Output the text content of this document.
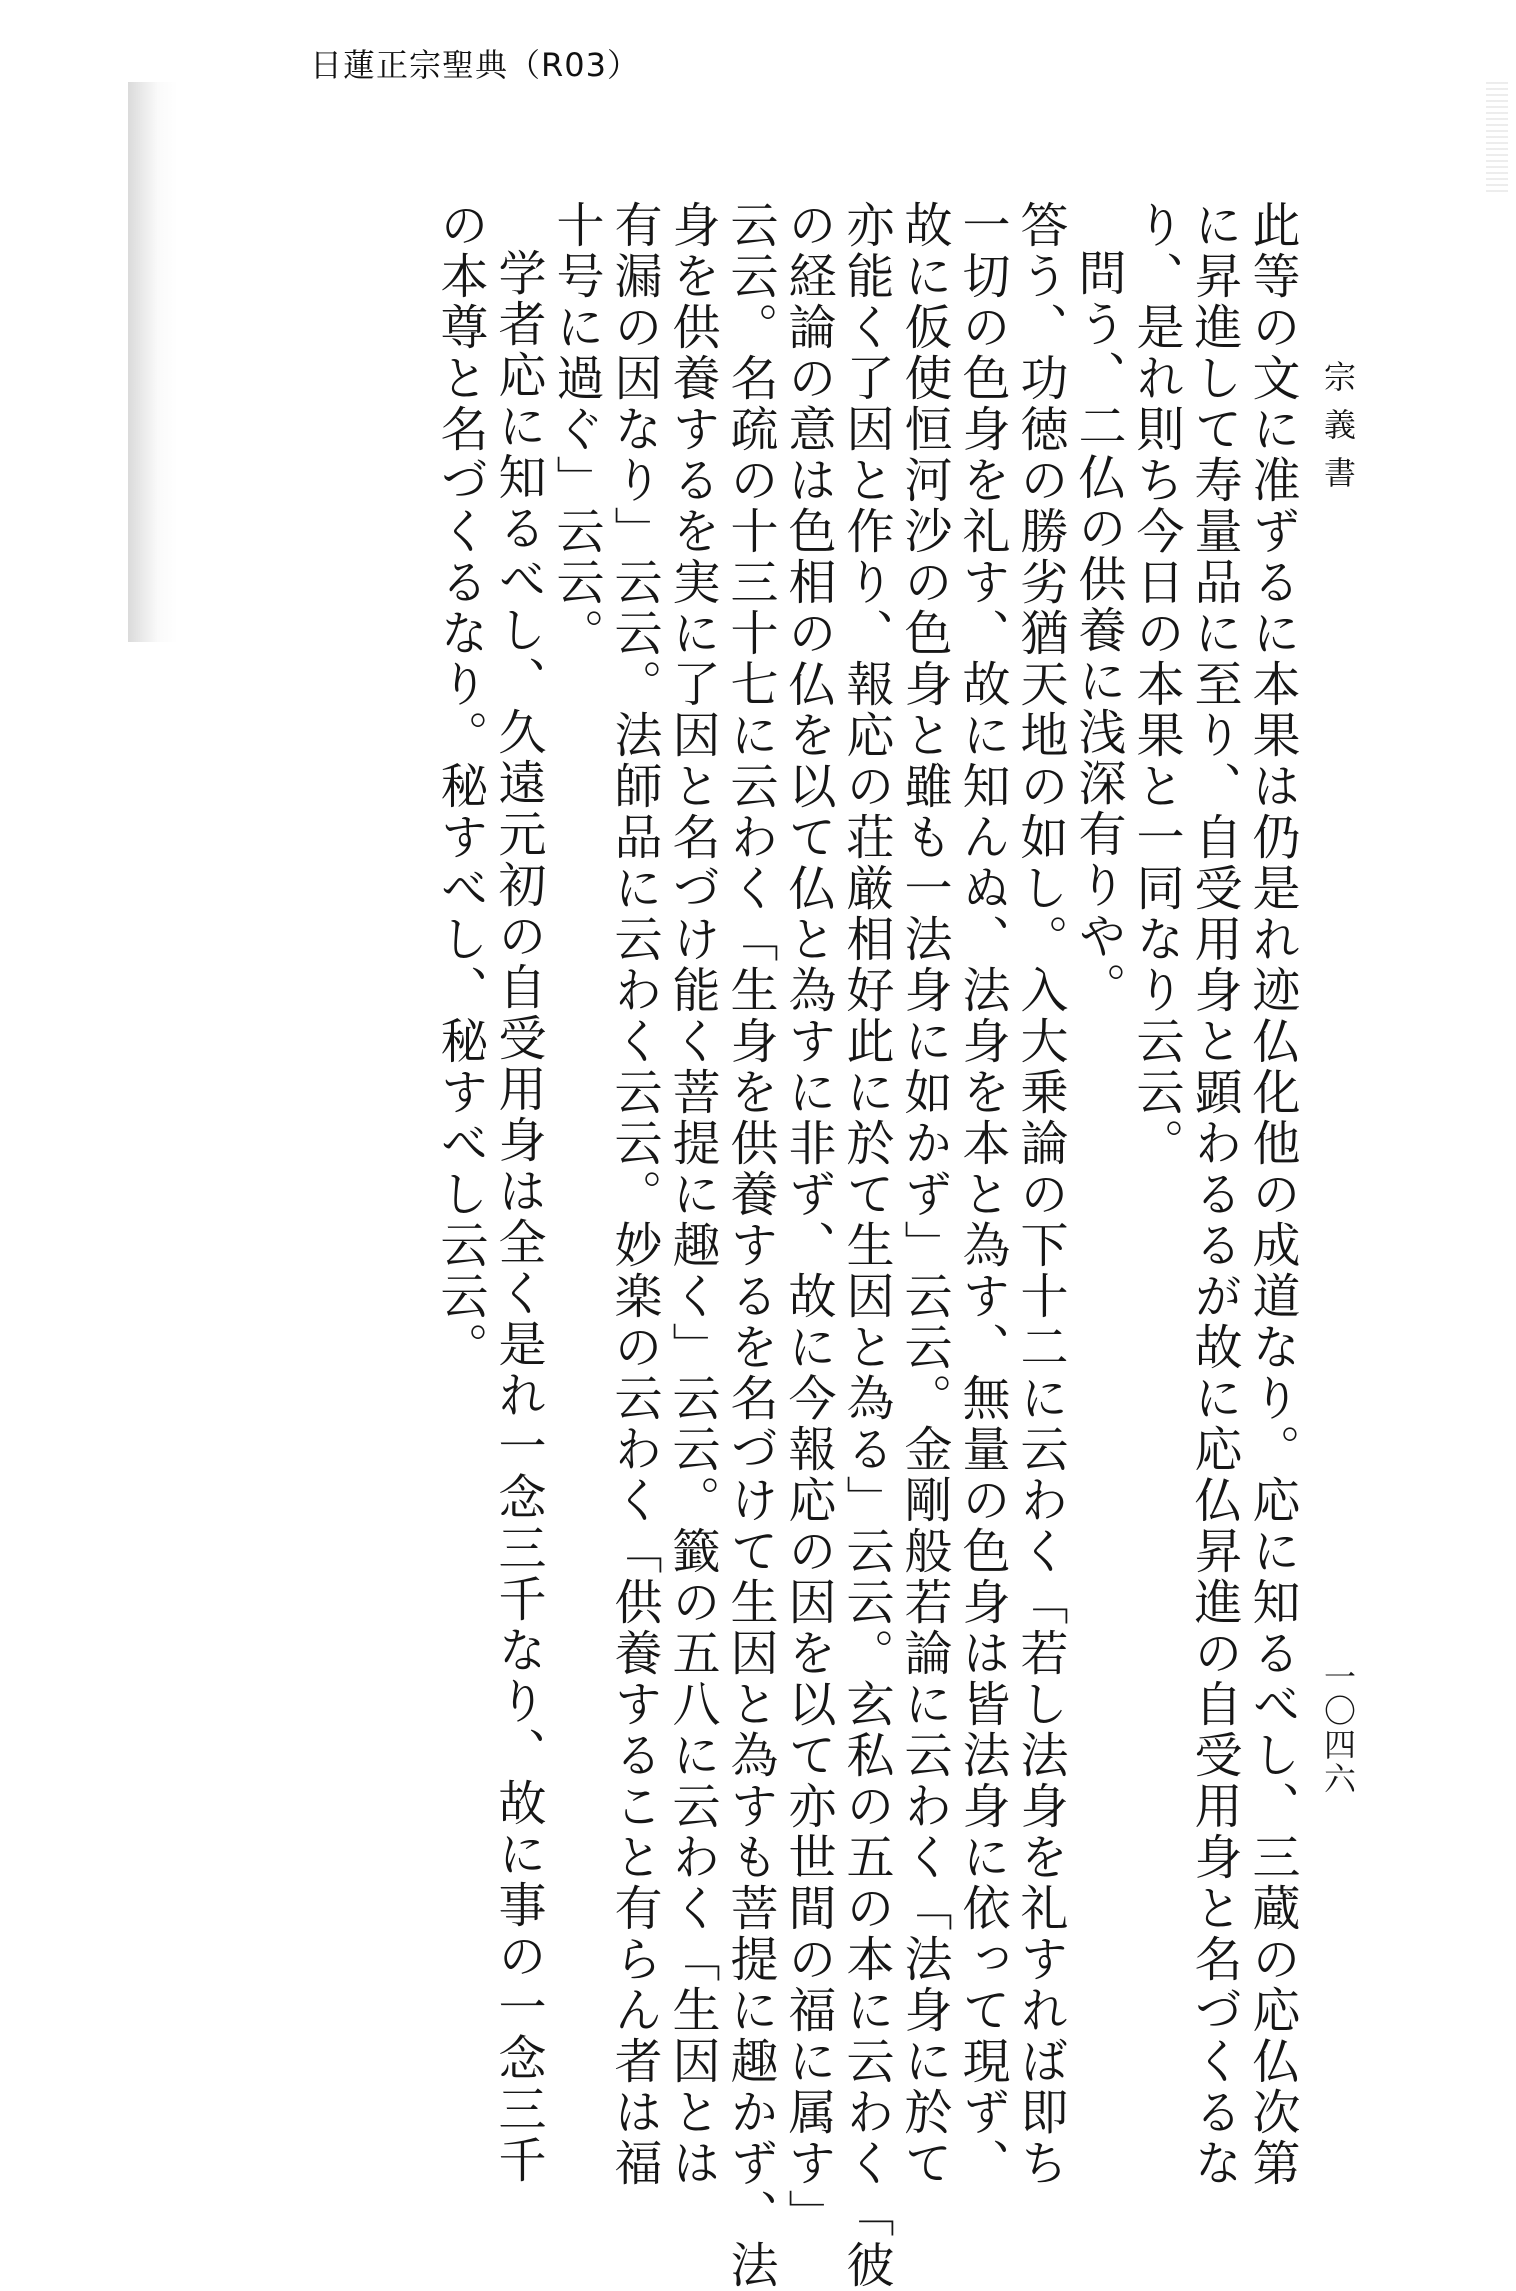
日蓮正宗聖典（R03）
宗義書
一〇四六
此等の文に准ずるに本果は仍是れ迹仏化他の成道なり。応に知るべし、三蔵の応仏次第
に昇進して寿量品に至り、自受用身と顕わるるが故に応仏昇進の自受用身と名づくるな
り、是れ則ち今日の本果と一同なり云云。
問う、二仏の供養に浅深有りや。
答う、功徳の勝劣猶天地の如し。入大乗論の下十二に云わく「若し法身を礼すれば即ち
一切の色身を礼す、故に知んぬ、法身を本と為す、無量の色身は皆法身に依って現ず、
故に仮使恒河沙の色身と雖も一法身に如かず」云云。金剛般若論に云わく「法身に於て
亦能く了因と作り、報応の荘厳相好此に於て生因と為る」云云。玄私の五の本に云わく「彼
の経論の意は色相の仏を以て仏と為すに非ず、故に今報応の因を以て亦世間の福に属す」
云云。名疏の十三十七に云わく「生身を供養するを名づけて生因と為すも菩提に趣かず、法
身を供養するを実に了因と名づけ能く菩提に趣く」云云。籤の五八に云わく「生因とは
有漏の因なり」云云。法師品に云わく云云。妙楽の云わく「供養すること有らん者は福
十号に過ぐ」云云。
学者応に知るべし、久遠元初の自受用身は全く是れ一念三千なり、故に事の一念三千
の本尊と名づくるなり。秘すべし、秘すべし云云。
